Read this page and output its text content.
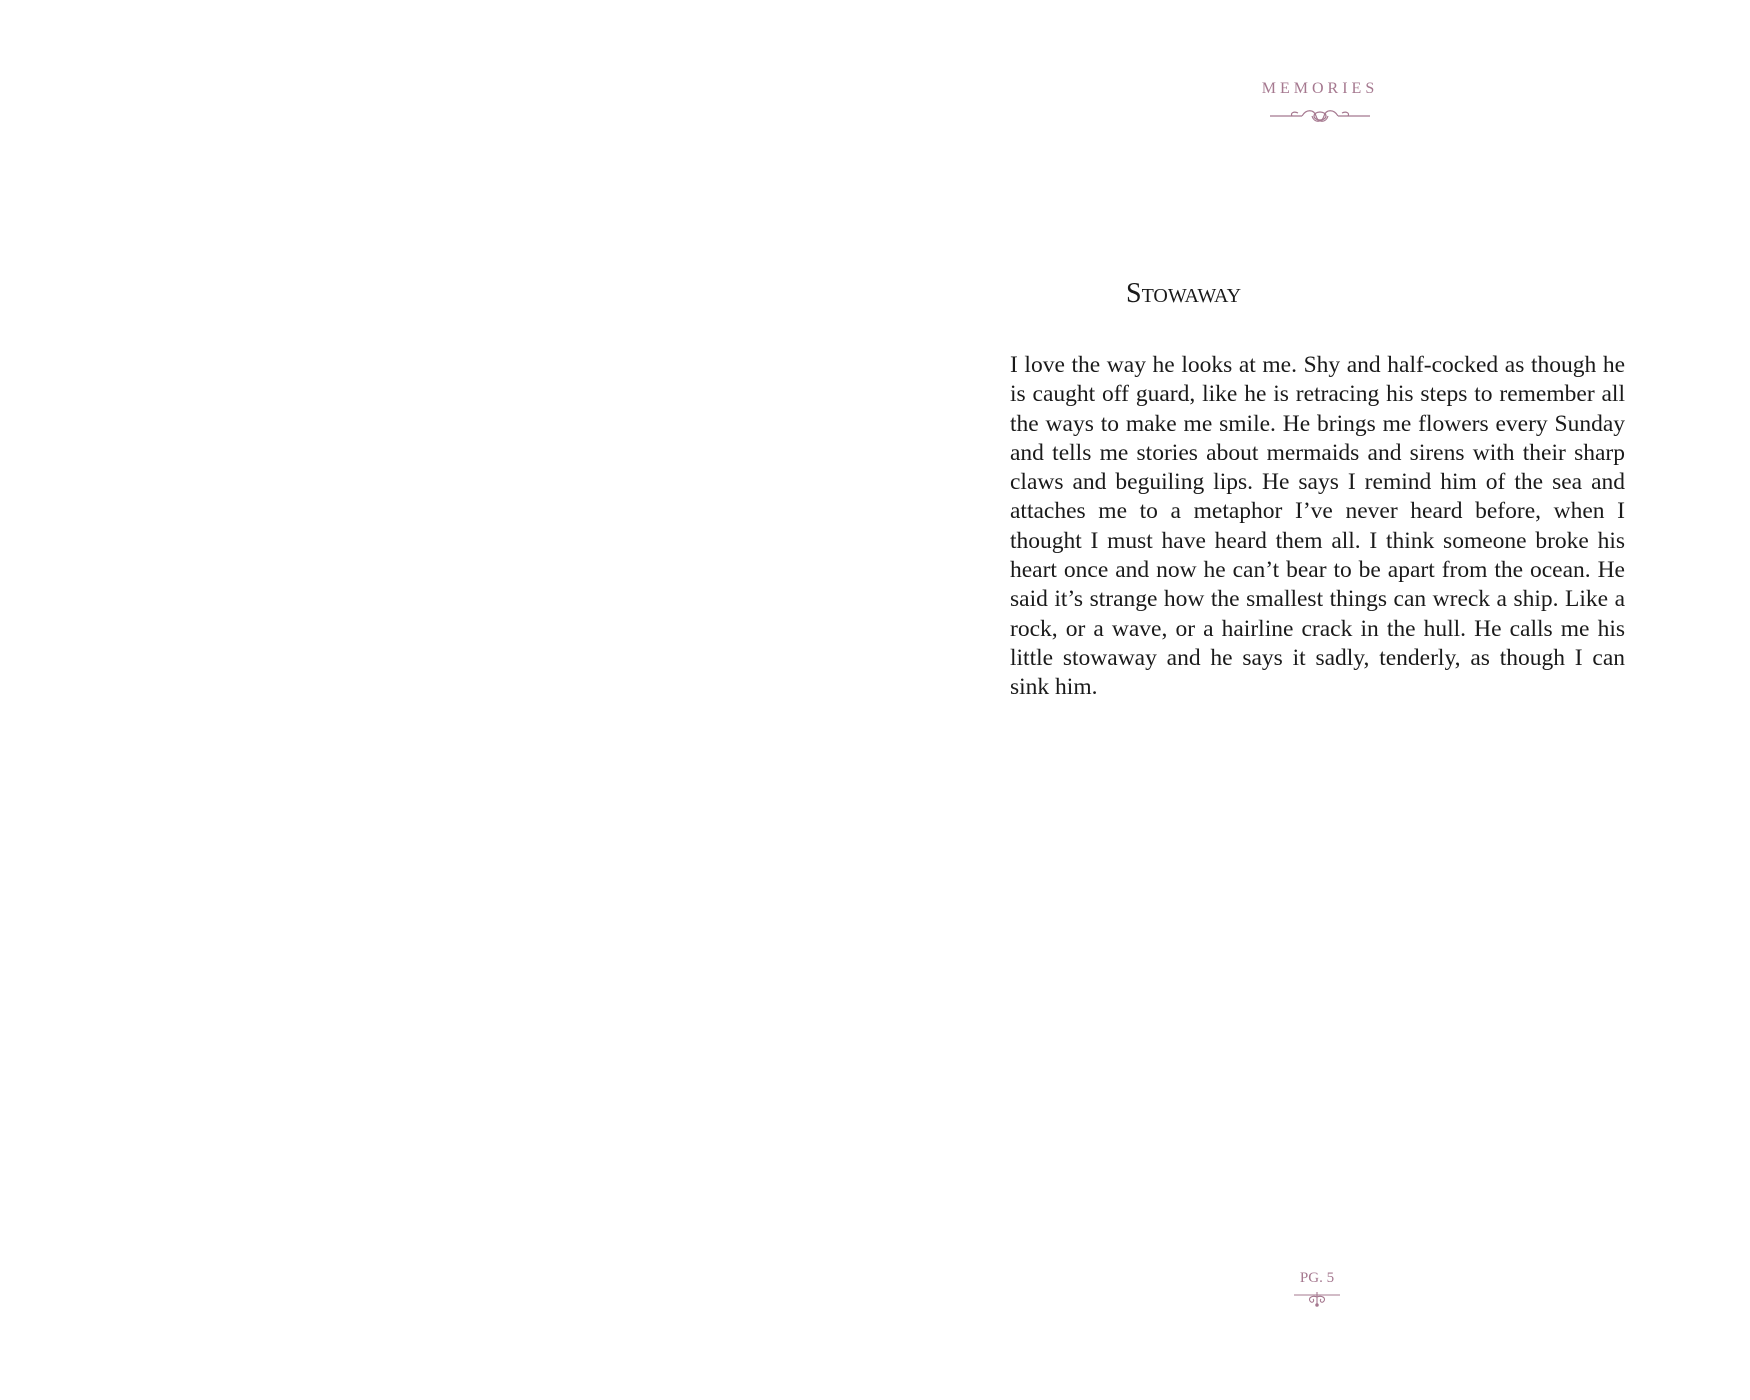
MEMORIES
Stowaway

I love the way he looks at me. Shy and half-cocked as though he is caught off guard, like he is retracing his steps to remember all the ways to make me smile. He brings me flowers every Sunday and tells me stories about mermaids and sirens with their sharp claws and beguiling lips. He says I remind him of the sea and attaches me to a metaphor I’ve never heard before, when I thought I must have heard them all. I think someone broke his heart once and now he can’t bear to be apart from the ocean. He said it’s strange how the smallest things can wreck a ship. Like a rock, or a wave, or a hairline crack in the hull. He calls me his little stowaway and he says it sadly, tenderly, as though I can sink him.

PG. 5
